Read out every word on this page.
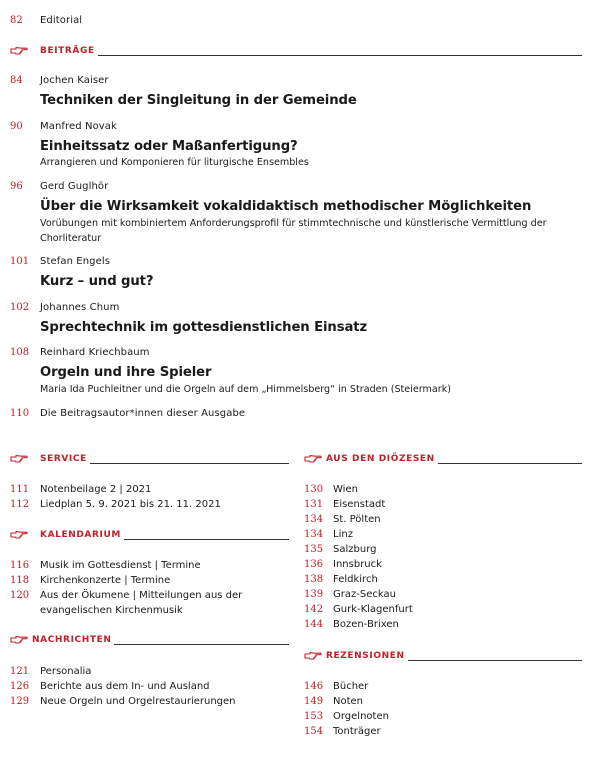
82 Editorial
BEITRÄGE
84 Jochen Kaiser
Techniken der Singleitung in der Gemeinde
90 Manfred Novak
Einheitssatz oder Maßanfertigung?
Arrangieren und Komponieren für liturgische Ensembles
96 Gerd Guglhör
Über die Wirksamkeit vokaldidaktisch methodischer Möglichkeiten
Vorübungen mit kombiniertem Anforderungsprofil für stimmtechnische und künstlerische Vermittlung der
Chorliteratur
101 Stefan Engels
Kurz – und gut?
102 Johannes Chum
Sprechtechnik im gottesdienstlichen Einsatz
108 Reinhard Kriechbaum
Orgeln und ihre Spieler
Maria Ida Puchleitner und die Orgeln auf dem „Himmelsberg“ in Straden (Steiermark)
110 Die Beitragsautor*innen dieser Ausgabe
SERVICE
111 Notenbeilage 2 | 2021
112 Liedplan 5. 9. 2021 bis 21. 11. 2021
KALENDARIUM
116 Musik im Gottesdienst | Termine
118 Kirchenkonzerte | Termine
120 Aus der Ökumene | Mitteilungen aus der
evangelischen Kirchenmusik
NACHRICHTEN
121 Personalia
126 Berichte aus dem In- und Ausland
129 Neue Orgeln und Orgelrestaurierungen
AUS DEN DIÖZESEN
130 Wien
131 Eisenstadt
134 St. Pölten
134 Linz
135 Salzburg
136 Innsbruck
138 Feldkirch
139 Graz-Seckau
142 Gurk-Klagenfurt
144 Bozen-Brixen
REZENSIONEN
146 Bücher
149 Noten
153 Orgelnoten
154 Tonträger
